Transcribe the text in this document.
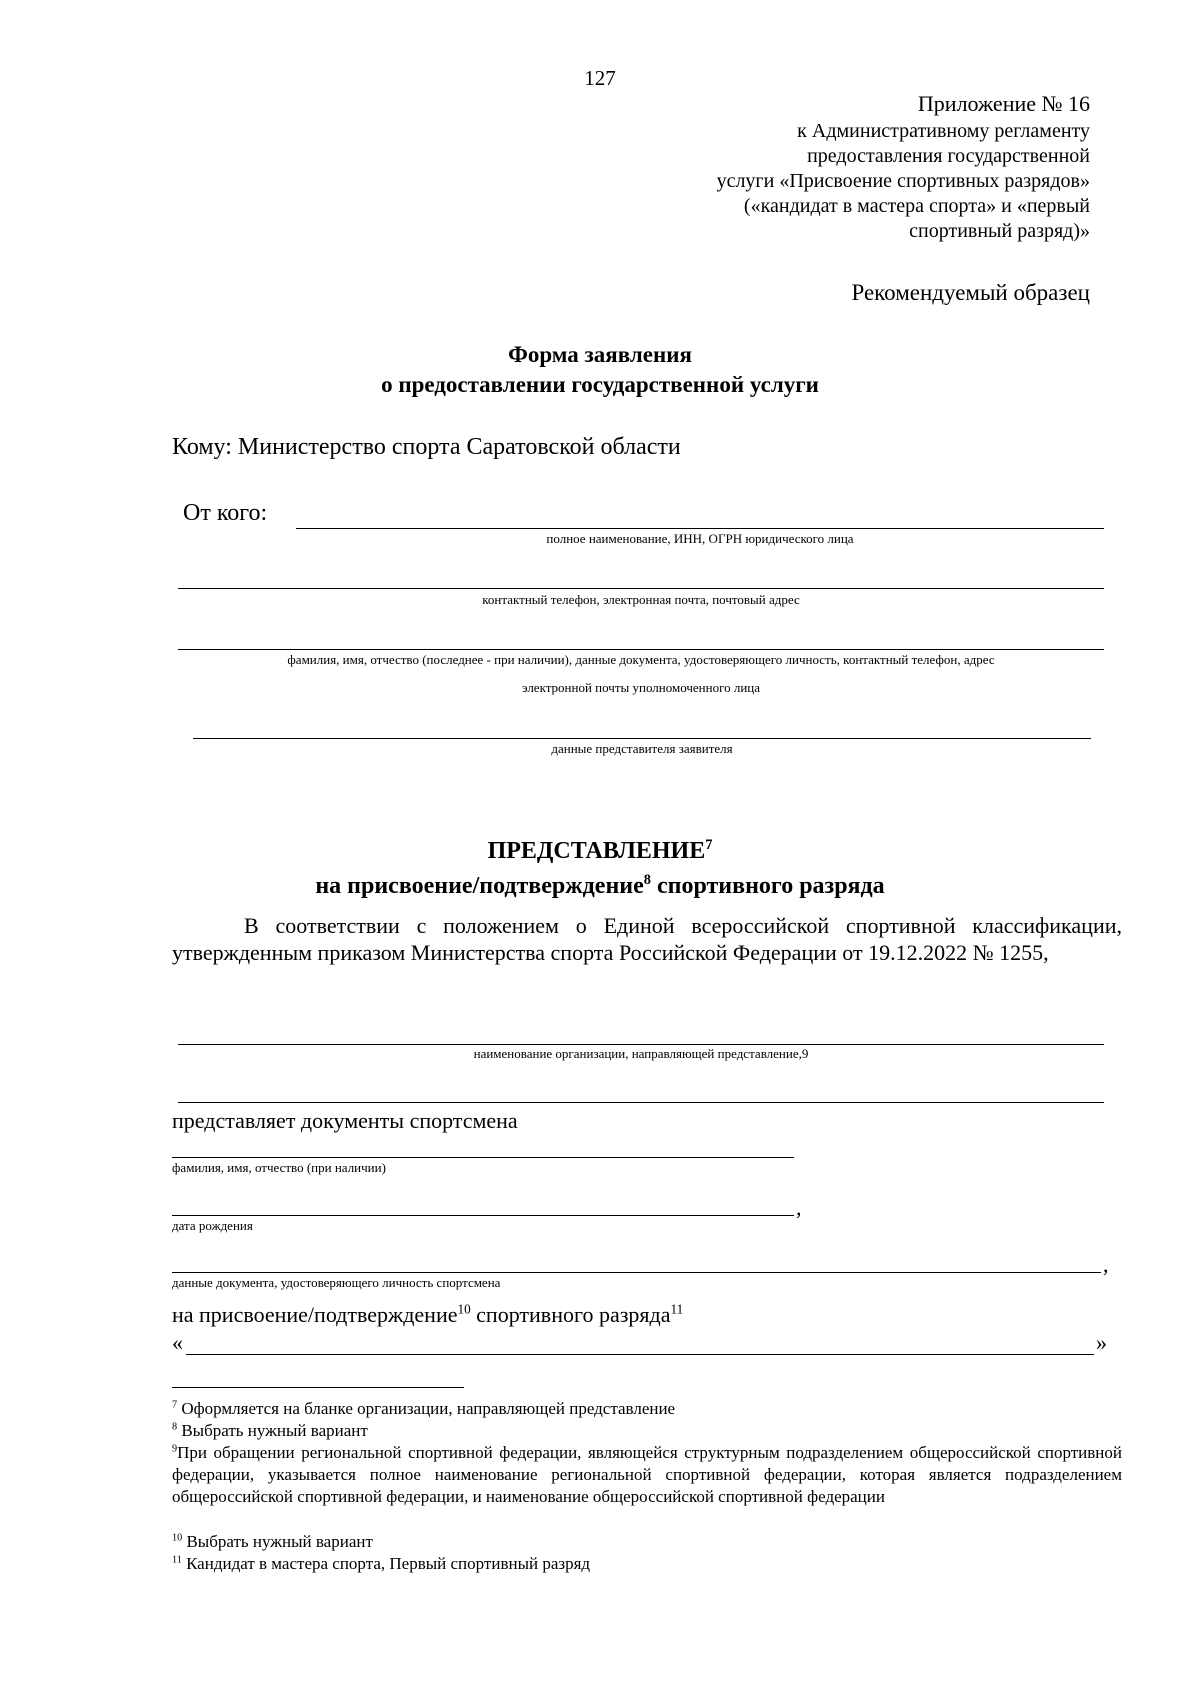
127
Приложение № 16
к Административному регламенту
предоставления государственной
услуги «Присвоение спортивных разрядов»
(«кандидат в мастера спорта» и «первый
спортивный разряд)»
Рекомендуемый образец
Форма заявления
о предоставлении государственной услуги
Кому: Министерство спорта Саратовской области
От кого:
полное наименование, ИНН, ОГРН юридического лица
контактный телефон, электронная почта, почтовый адрес
фамилия, имя, отчество (последнее - при наличии), данные документа, удостоверяющего личность, контактный телефон, адрес
электронной почты уполномоченного лица
данные представителя заявителя
ПРЕДСТАВЛЕНИЕ$^7$
на присвоение/подтверждение$^8$ спортивного разряда
В соответствии с положением о Единой всероссийской спортивной классификации, утвержденным приказом Министерства спорта Российской Федерации от 19.12.2022 № 1255,
наименование организации, направляющей представление,9
представляет документы спортсмена
фамилия, имя, отчество (при наличии)
,
дата рождения
,
данные документа, удостоверяющего личность спортсмена
на присвоение/подтверждение$^{10}$ спортивного разряда$^{11}$
«	»
$^7$ Оформляется на бланке организации, направляющей представление
$^8$ Выбрать нужный вариант
$^9$При обращении региональной спортивной федерации, являющейся структурным подразделением общероссийской спортивной федерации, указывается полное наименование региональной спортивной федерации, которая является подразделением общероссийской спортивной федерации, и наименование общероссийской спортивной федерации
$^{10}$ Выбрать нужный вариант
$^{11}$ Кандидат в мастера спорта, Первый спортивный разряд
